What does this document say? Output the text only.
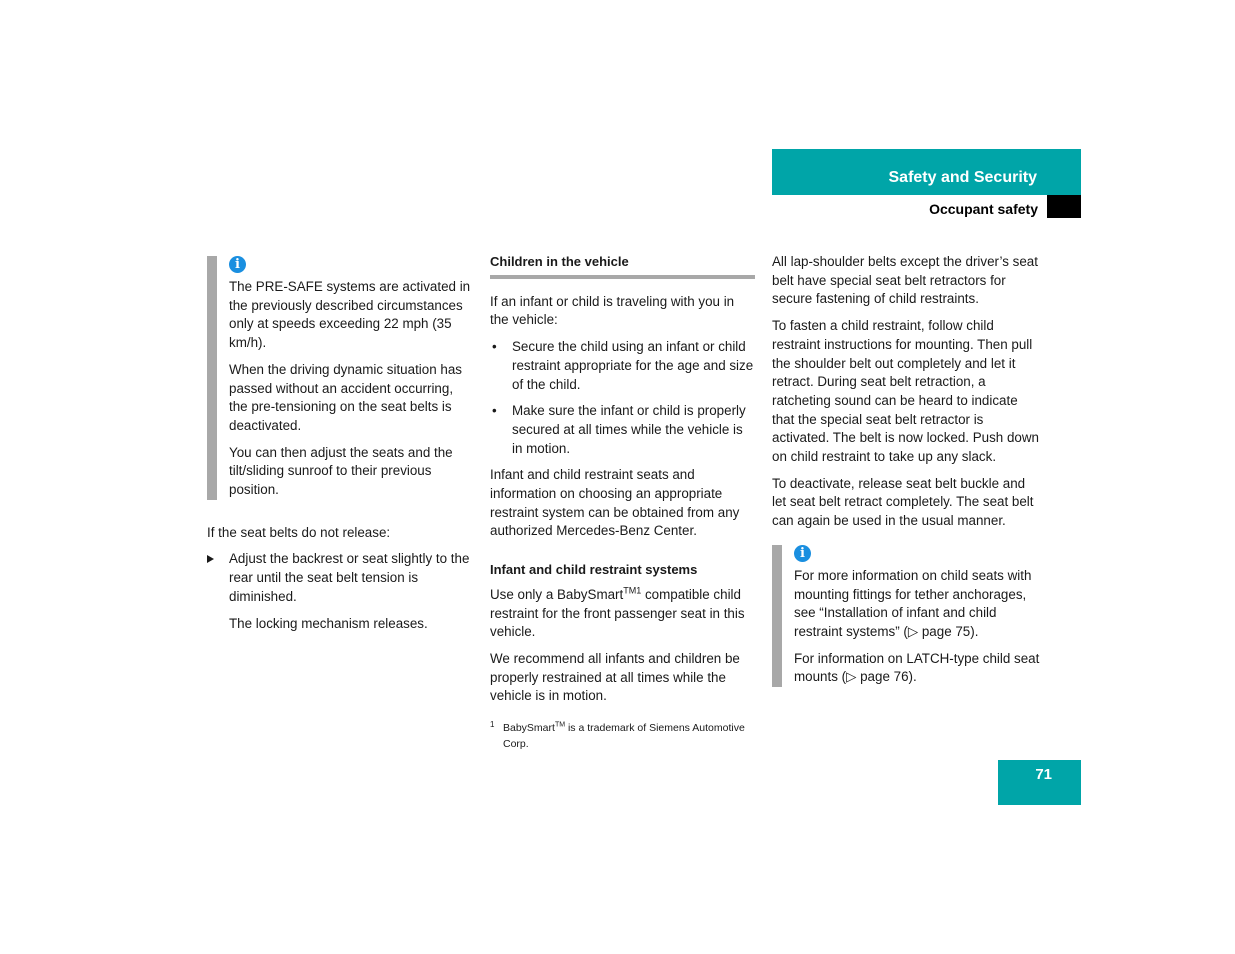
Safety and Security
Occupant safety
i

The PRE-SAFE systems are activated in the previously described circumstances only at speeds exceeding 22 mph (35 km/h).

When the driving dynamic situation has passed without an accident occurring, the pre-tensioning on the seat belts is deactivated.

You can then adjust the seats and the tilt/sliding sunroof to their previous position.

If the seat belts do not release:

Adjust the backrest or seat slightly to the rear until the seat belt tension is diminished.

The locking mechanism releases.

Children in the vehicle

If an infant or child is traveling with you in the vehicle:

• Secure the child using an infant or child restraint appropriate for the age and size of the child.

• Make sure the infant or child is properly secured at all times while the vehicle is in motion.

Infant and child restraint seats and information on choosing an appropriate restraint system can be obtained from any authorized Mercedes-Benz Center.

Infant and child restraint systems

Use only a BabySmart$^{TM1}$ compatible child restraint for the front passenger seat in this vehicle.

We recommend all infants and children be properly restrained at all times while the vehicle is in motion.

1 BabySmart™ is a trademark of Siemens Automotive Corp.

All lap-shoulder belts except the driver’s seat belt have special seat belt retractors for secure fastening of child restraints.

To fasten a child restraint, follow child restraint instructions for mounting. Then pull the shoulder belt out completely and let it retract. During seat belt retraction, a ratcheting sound can be heard to indicate that the special seat belt retractor is activated. The belt is now locked. Push down on child restraint to take up any slack.

To deactivate, release seat belt buckle and let seat belt retract completely. The seat belt can again be used in the usual manner.

i

For more information on child seats with mounting fittings for tether anchorages, see “Installation of infant and child restraint systems” (▷ page 75).

For information on LATCH-type child seat mounts (▷ page 76).

71
